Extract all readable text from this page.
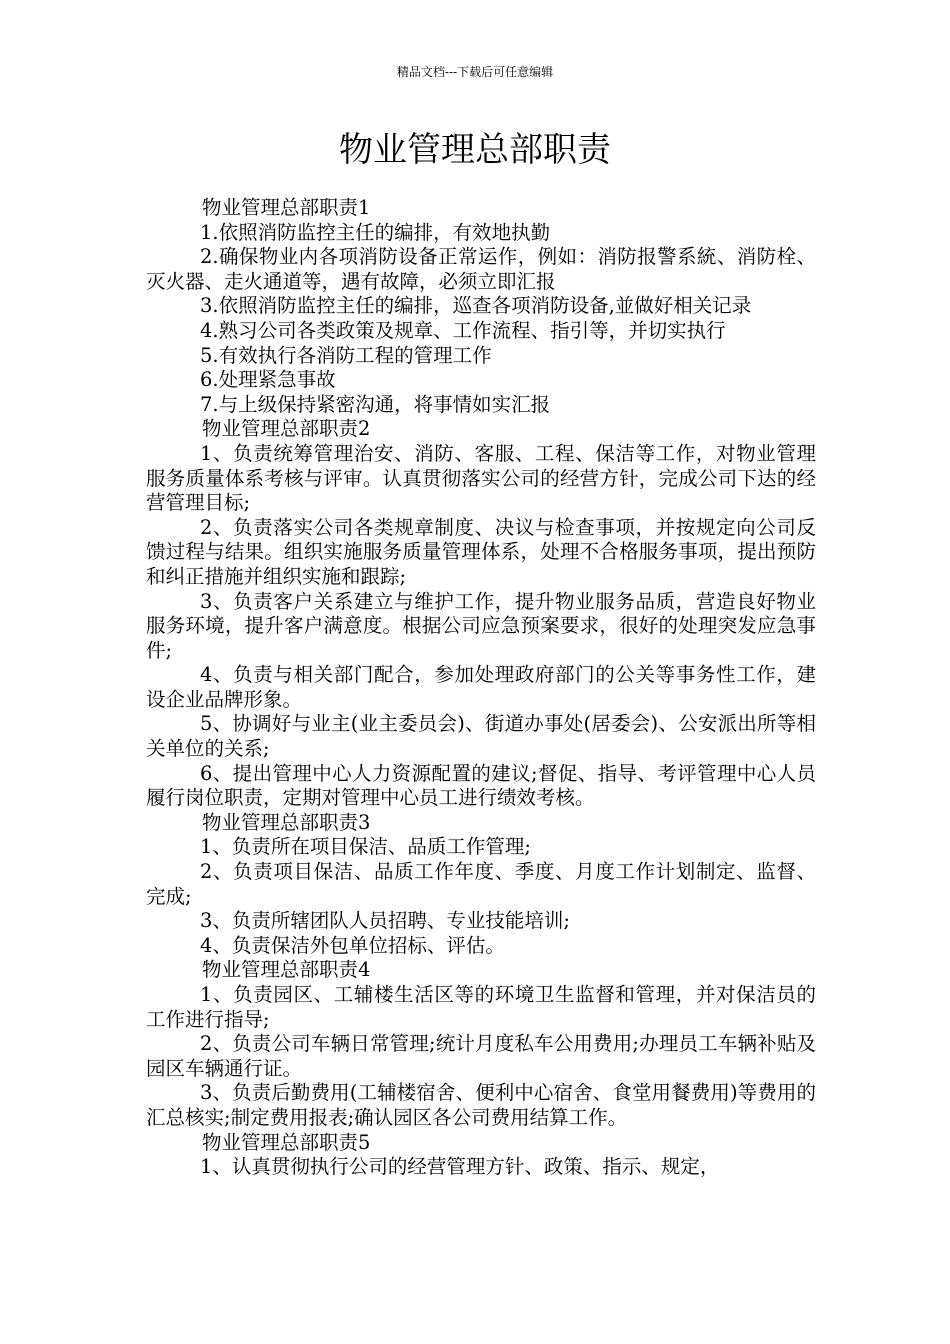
精品文档---下载后可任意编辑
物业管理总部职责

物业管理总部职责1

1.依照消防监控主任的编排，有效地执勤

2.确保物业内各项消防设备正常运作，例如：消防报警系統、消防栓、灭火器、走火通道等，遇有故障，必须立即汇报

3.依照消防监控主任的编排，巡查各项消防设备,並做好相关记录

4.熟习公司各类政策及规章、工作流程、指引等，并切实执行

5.有效执行各消防工程的管理工作

6.处理紧急事故

7.与上级保持紧密沟通，将事情如实汇报

物业管理总部职责2

1、负责统筹管理治安、消防、客服、工程、保洁等工作，对物业管理服务质量体系考核与评审。认真贯彻落实公司的经营方针，完成公司下达的经营管理目标;

2、负责落实公司各类规章制度、决议与检查事项，并按规定向公司反馈过程与结果。组织实施服务质量管理体系，处理不合格服务事项，提出预防和纠正措施并组织实施和跟踪;

3、负责客户关系建立与维护工作，提升物业服务品质，营造良好物业服务环境，提升客户满意度。根据公司应急预案要求，很好的处理突发应急事件;

4、负责与相关部门配合，参加处理政府部门的公关等事务性工作，建设企业品牌形象。

5、协调好与业主(业主委员会)、街道办事处(居委会)、公安派出所等相关单位的关系;

6、提出管理中心人力资源配置的建议;督促、指导、考评管理中心人员履行岗位职责，定期对管理中心员工进行绩效考核。

物业管理总部职责3

1、负责所在项目保洁、品质工作管理;

2、负责项目保洁、品质工作年度、季度、月度工作计划制定、监督、完成;

3、负责所辖团队人员招聘、专业技能培训;

4、负责保洁外包单位招标、评估。

物业管理总部职责4

1、负责园区、工辅楼生活区等的环境卫生监督和管理，并对保洁员的工作进行指导;

2、负责公司车辆日常管理;统计月度私车公用费用;办理员工车辆补贴及园区车辆通行证。

3、负责后勤费用(工辅楼宿舍、便利中心宿舍、食堂用餐费用)等费用的汇总核实;制定费用报表;确认园区各公司费用结算工作。

物业管理总部职责5

1、认真贯彻执行公司的经营管理方针、政策、指示、规定，
